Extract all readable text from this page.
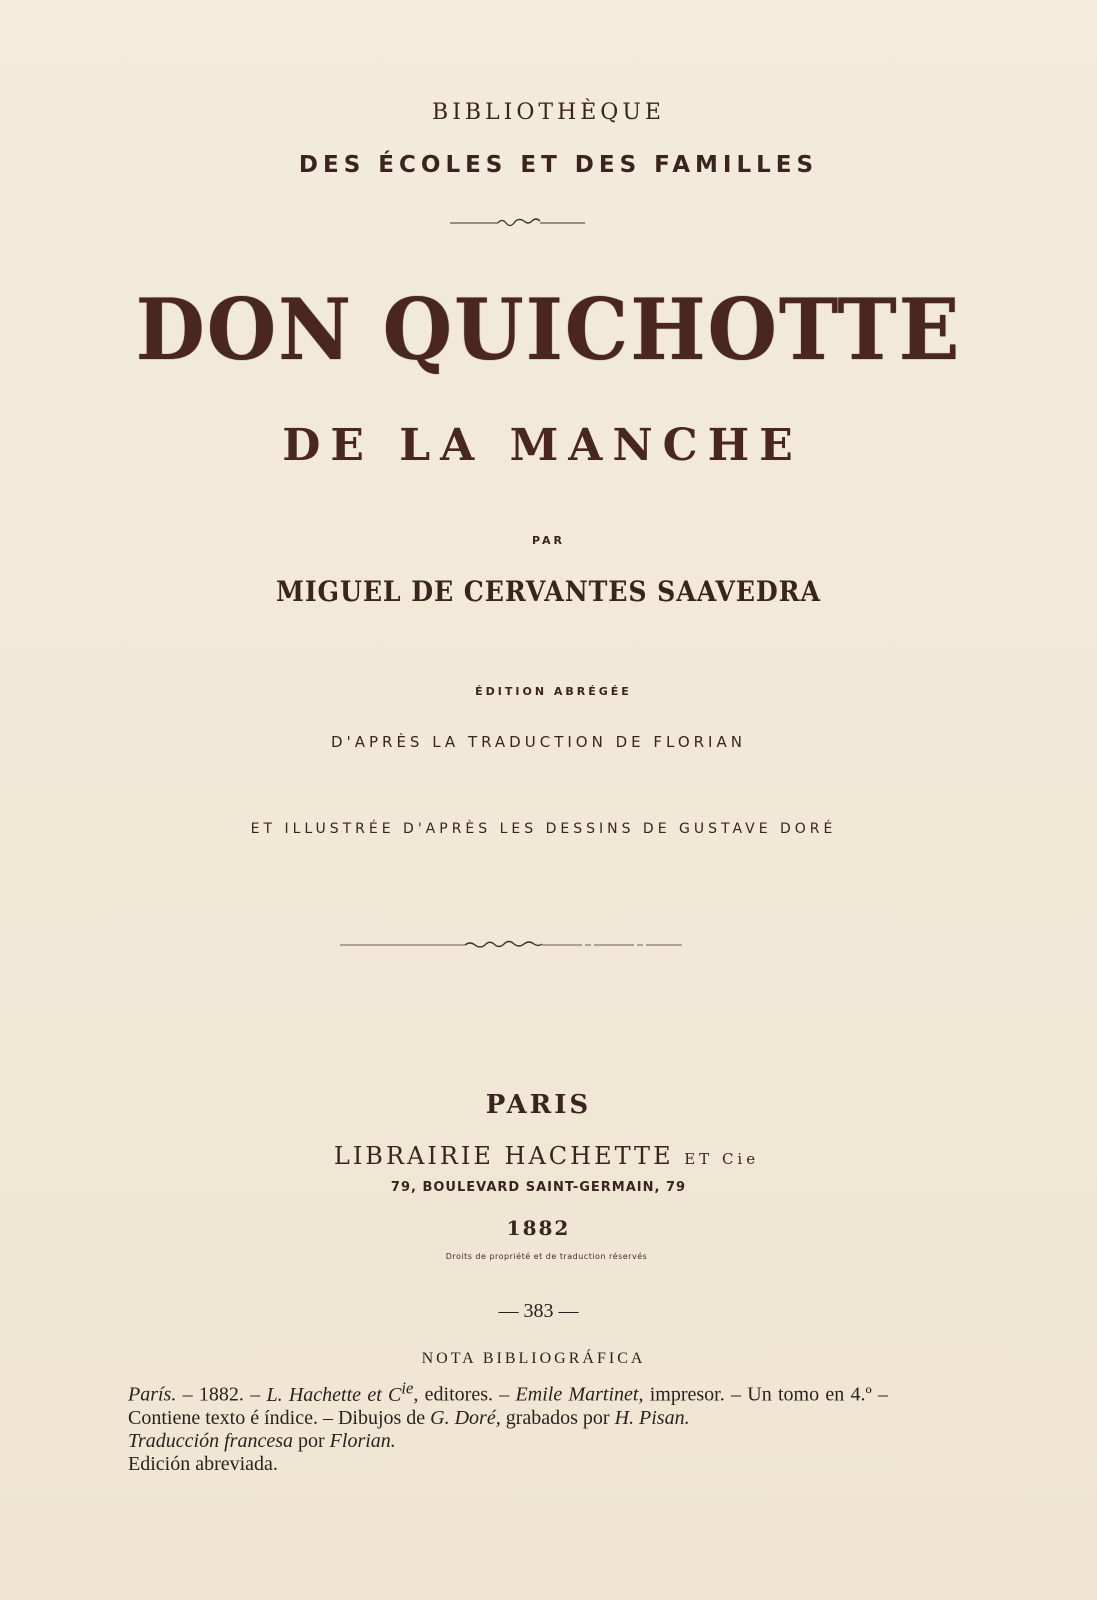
BIBLIOTHÈQUE
DES ÉCOLES ET DES FAMILLES
DON QUICHOTTE
DE LA MANCHE
PAR
MIGUEL DE CERVANTES SAAVEDRA
ÉDITION ABRÉGÉE
D'APRÈS LA TRADUCTION DE FLORIAN
ET ILLUSTRÉE D'APRÈS LES DESSINS DE GUSTAVE DORÉ
PARIS
LIBRAIRIE HACHETTE ET Cie
79, BOULEVARD SAINT-GERMAIN, 79
1882
Droits de propriété et de traduction réservés
— 383 —
NOTA BIBLIOGRÁFICA

París. – 1882. – L. Hachette et $C^{ie}$, editores. – Emile Martinet, impresor. – Un tomo en 4.º – Contiene texto é índice. – Dibujos de G. Doré, grabados por H. Pisan.

Traducción francesa por Florian.

Edición abreviada.
